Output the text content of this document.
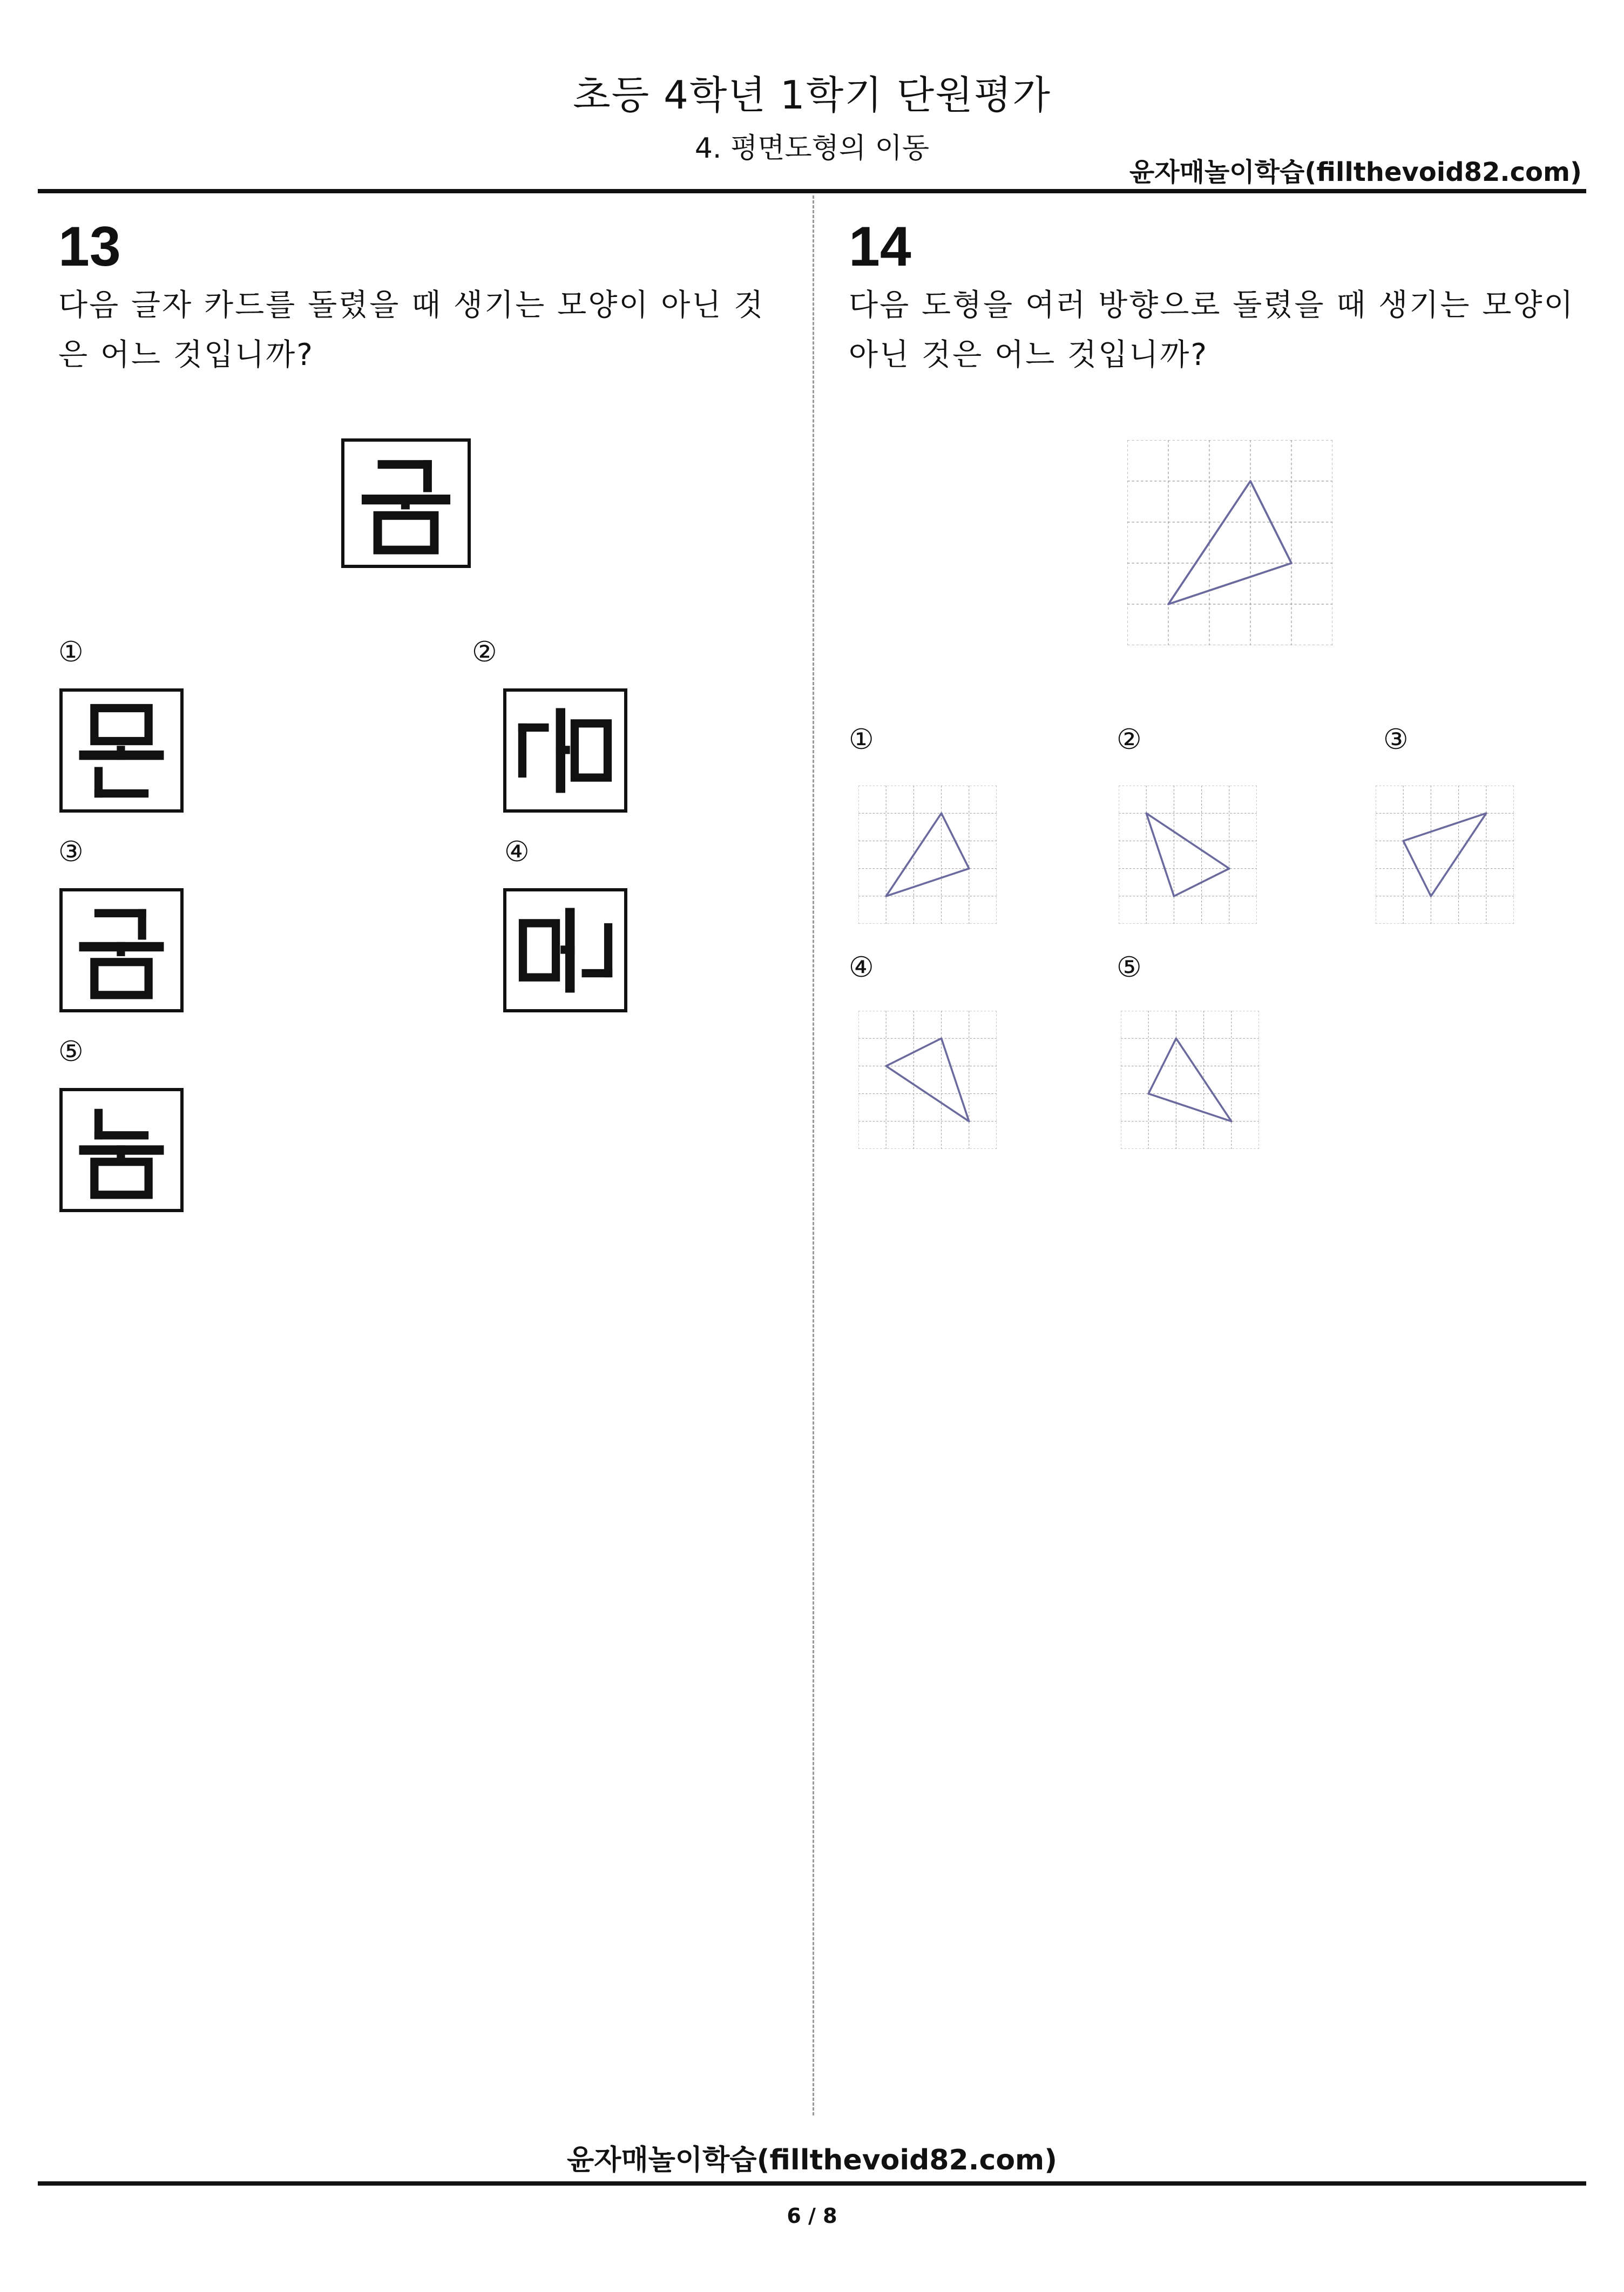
초등 4학년 1학기 단원평가
4. 평면도형의 이동
윤자매놀이학습(fillthevoid82.com)
13
다음 글자 카드를 돌렸을 때 생기는 모양이 아닌 것
은 어느 것입니까?
①	②
③	④
⑤
14
다음 도형을 여러 방향으로 돌렸을 때 생기는 모양이
아닌 것은 어느 것입니까?
①	②	③
④	⑤
윤자매놀이학습(fillthevoid82.com)
6 / 8
